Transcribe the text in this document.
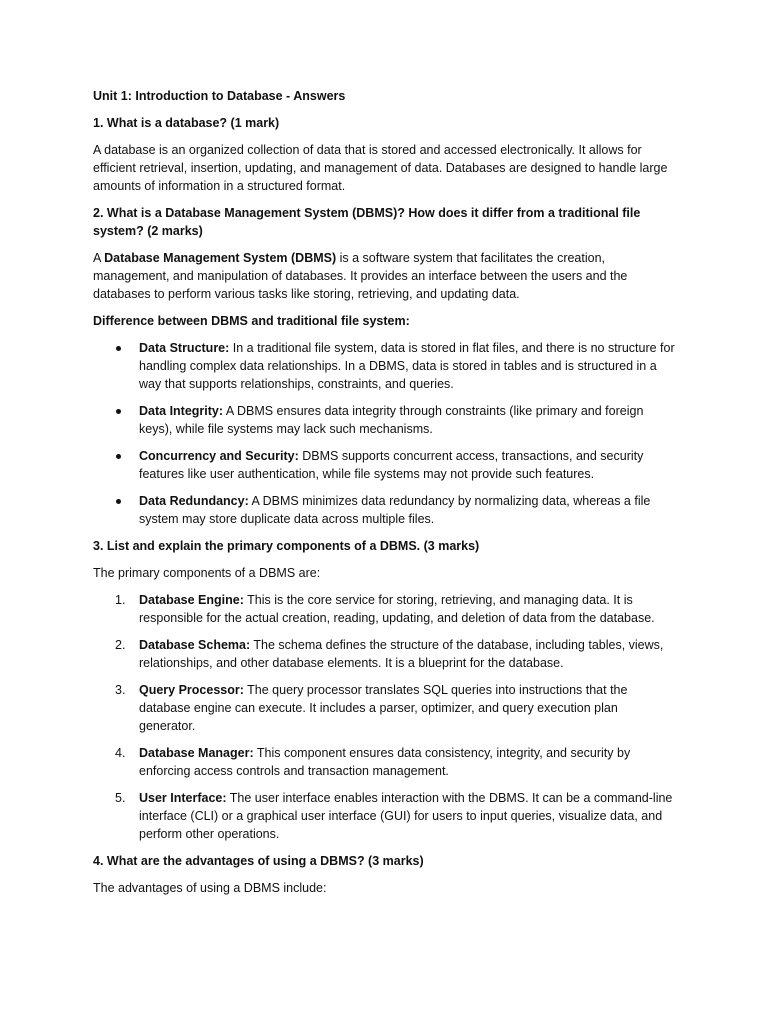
Unit 1: Introduction to Database - Answers

1. What is a database? (1 mark)

A database is an organized collection of data that is stored and accessed electronically. It allows for efficient retrieval, insertion, updating, and management of data. Databases are designed to handle large amounts of information in a structured format.

2. What is a Database Management System (DBMS)? How does it differ from a traditional file system? (2 marks)

A Database Management System (DBMS) is a software system that facilitates the creation, management, and manipulation of databases. It provides an interface between the users and the databases to perform various tasks like storing, retrieving, and updating data.

Difference between DBMS and traditional file system:

Data Structure: In a traditional file system, data is stored in flat files, and there is no structure for handling complex data relationships. In a DBMS, data is stored in tables and is structured in a way that supports relationships, constraints, and queries.
Data Integrity: A DBMS ensures data integrity through constraints (like primary and foreign keys), while file systems may lack such mechanisms.
Concurrency and Security: DBMS supports concurrent access, transactions, and security features like user authentication, while file systems may not provide such features.
Data Redundancy: A DBMS minimizes data redundancy by normalizing data, whereas a file system may store duplicate data across multiple files.

3. List and explain the primary components of a DBMS. (3 marks)

The primary components of a DBMS are:

1.	Database Engine: This is the core service for storing, retrieving, and managing data. It is responsible for the actual creation, reading, updating, and deletion of data from the database.
2.	Database Schema: The schema defines the structure of the database, including tables, views, relationships, and other database elements. It is a blueprint for the database.
3.	Query Processor: The query processor translates SQL queries into instructions that the database engine can execute. It includes a parser, optimizer, and query execution plan generator.
4.	Database Manager: This component ensures data consistency, integrity, and security by enforcing access controls and transaction management.
5.	User Interface: The user interface enables interaction with the DBMS. It can be a command-line interface (CLI) or a graphical user interface (GUI) for users to input queries, visualize data, and perform other operations.

4. What are the advantages of using a DBMS? (3 marks)

The advantages of using a DBMS include:
